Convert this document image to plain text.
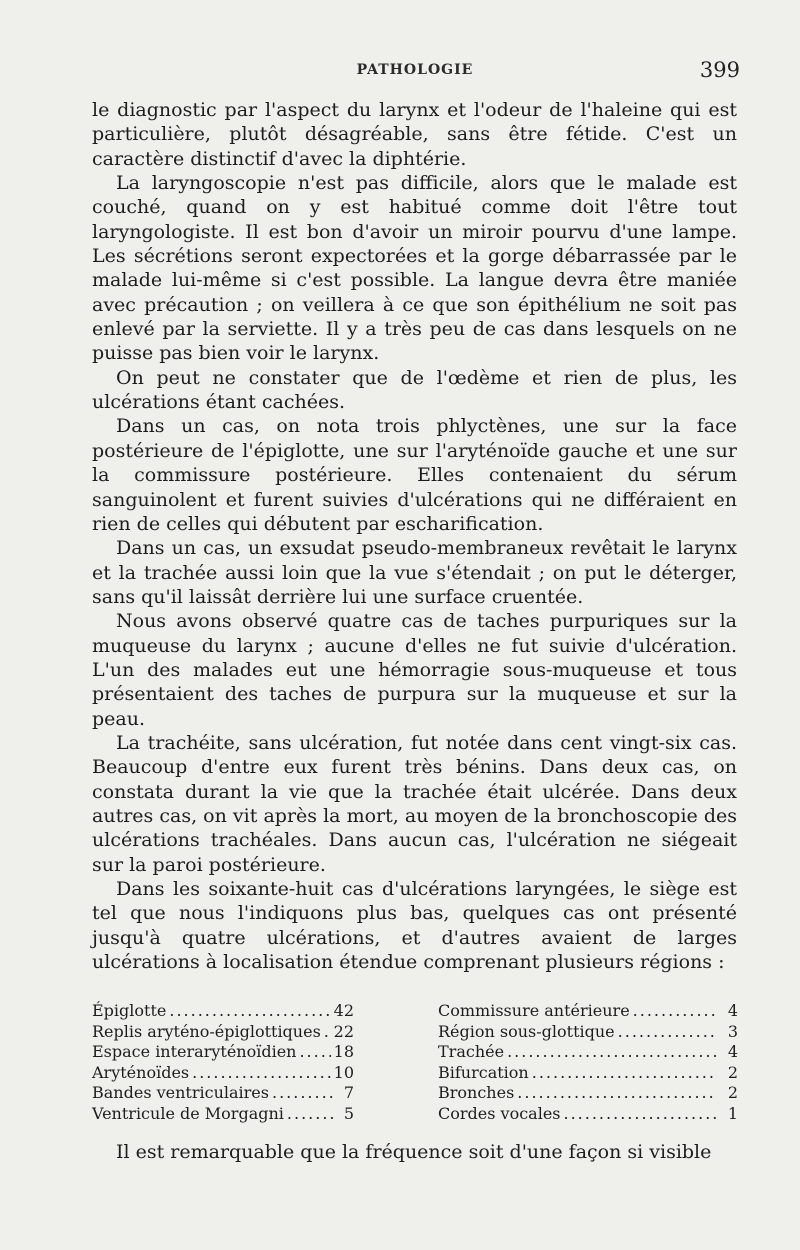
PATHOLOGIE	399

le diagnostic par l'aspect du larynx et l'odeur de l'haleine qui est particulière, plutôt désagréable, sans être fétide. C'est un caractère distinctif d'avec la diphtérie.

La laryngoscopie n'est pas difficile, alors que le malade est couché, quand on y est habitué comme doit l'être tout laryngologiste. Il est bon d'avoir un miroir pourvu d'une lampe. Les sécrétions seront expectorées et la gorge débarrassée par le malade lui-même si c'est possible. La langue devra être maniée avec précaution ; on veillera à ce que son épithélium ne soit pas enlevé par la serviette. Il y a très peu de cas dans lesquels on ne puisse pas bien voir le larynx.

On peut ne constater que de l'œdème et rien de plus, les ulcérations étant cachées.

Dans un cas, on nota trois phlyctènes, une sur la face postérieure de l'épiglotte, une sur l'aryténoïde gauche et une sur la commissure postérieure. Elles contenaient du sérum sanguinolent et furent suivies d'ulcérations qui ne différaient en rien de celles qui débutent par escharification.

Dans un cas, un exsudat pseudo-membraneux revêtait le larynx et la trachée aussi loin que la vue s'étendait ; on put le déterger, sans qu'il laissât derrière lui une surface cruentée.

Nous avons observé quatre cas de taches purpuriques sur la muqueuse du larynx ; aucune d'elles ne fut suivie d'ulcération. L'un des malades eut une hémorragie sous-muqueuse et tous présentaient des taches de purpura sur la muqueuse et sur la peau.

La trachéite, sans ulcération, fut notée dans cent vingt-six cas. Beaucoup d'entre eux furent très bénins. Dans deux cas, on constata durant la vie que la trachée était ulcérée. Dans deux autres cas, on vit après la mort, au moyen de la bronchoscopie des ulcérations trachéales. Dans aucun cas, l'ulcération ne siégeait sur la paroi postérieure.

Dans les soixante-huit cas d'ulcérations laryngées, le siège est tel que nous l'indiquons plus bas, quelques cas ont présenté jusqu'à quatre ulcérations, et d'autres avaient de larges ulcérations à localisation étendue comprenant plusieurs régions :

Épiglotte .....	42
Replis aryténo-épiglottiques ..... 22
Espace interaryténoïdien ..... 18
Aryténoïdes .....	10
Bandes ventriculaires .....	7
Ventricule de Morgagni .....	5
Commissure antérieure .....	4
Région sous-glottique .....	3
Trachée .....	4
Bifurcation .....	2
Bronches .....	2
Cordes vocales .....	1
Il est remarquable que la fréquence soit d'une façon si visible
